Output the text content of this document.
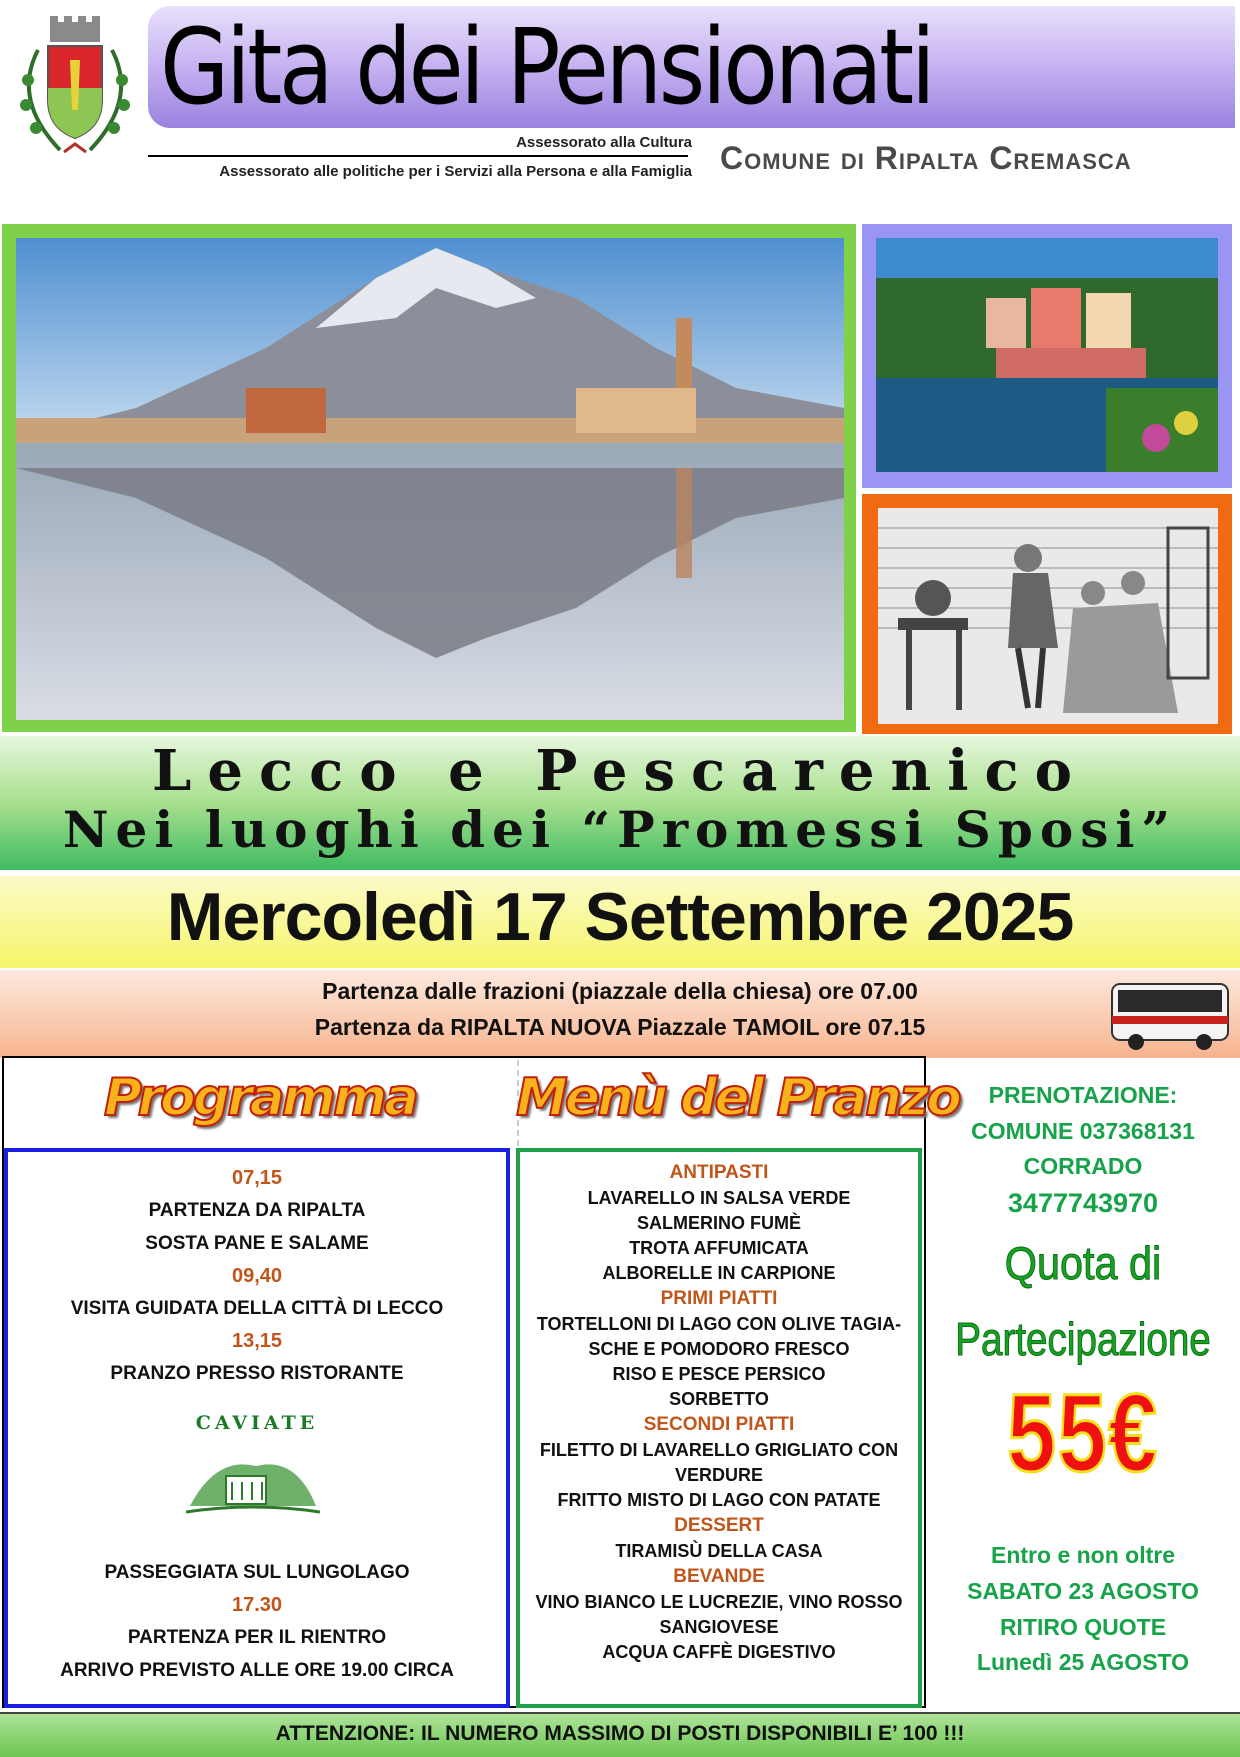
Gita dei Pensionati
Assessorato alla Cultura
Assessorato alle politiche per i Servizi alla Persona e alla Famiglia Comune di Ripalta Cremasca
Lecco e Pescarenico
Nei luoghi dei “Promessi Sposi”
Mercoledì 17 Settembre 2025
Partenza dalle frazioni (piazzale della chiesa) ore 07.00
Partenza da RIPALTA NUOVA Piazzale TAMOIL ore 07.15
Programma	Menù del Pranzo
07,15
PARTENZA DA RIPALTA
SOSTA PANE E SALAME
09,40
VISITA GUIDATA DELLA CITTÀ DI LECCO
13,15
PRANZO PRESSO RISTORANTE
CAVIATE
PASSEGGIATA SUL LUNGOLAGO
17.30
PARTENZA PER IL RIENTRO
ARRIVO PREVISTO ALLE ORE 19.00 CIRCA
ANTIPASTI
LAVARELLO IN SALSA VERDE
SALMERINO FUMÈ
TROTA AFFUMICATA
ALBORELLE IN CARPIONE
PRIMI PIATTI
TORTELLONI DI LAGO CON OLIVE TAGIA-
SCHE E POMODORO FRESCO
RISO E PESCE PERSICO
SORBETTO
SECONDI PIATTI
FILETTO DI LAVARELLO GRIGLIATO CON
VERDURE
FRITTO MISTO DI LAGO CON PATATE
DESSERT
TIRAMISÙ DELLA CASA
BEVANDE
VINO BIANCO LE LUCREZIE, VINO ROSSO
SANGIOVESE
ACQUA CAFFÈ DIGESTIVO
PRENOTAZIONE:
COMUNE 037368131
CORRADO
3477743970
Quota di
Partecipazione
55€
Entro e non oltre
SABATO 23 AGOSTO
RITIRO QUOTE
Lunedì 25 AGOSTO
ATTENZIONE: IL NUMERO MASSIMO DI POSTI DISPONIBILI E’ 100 !!!
